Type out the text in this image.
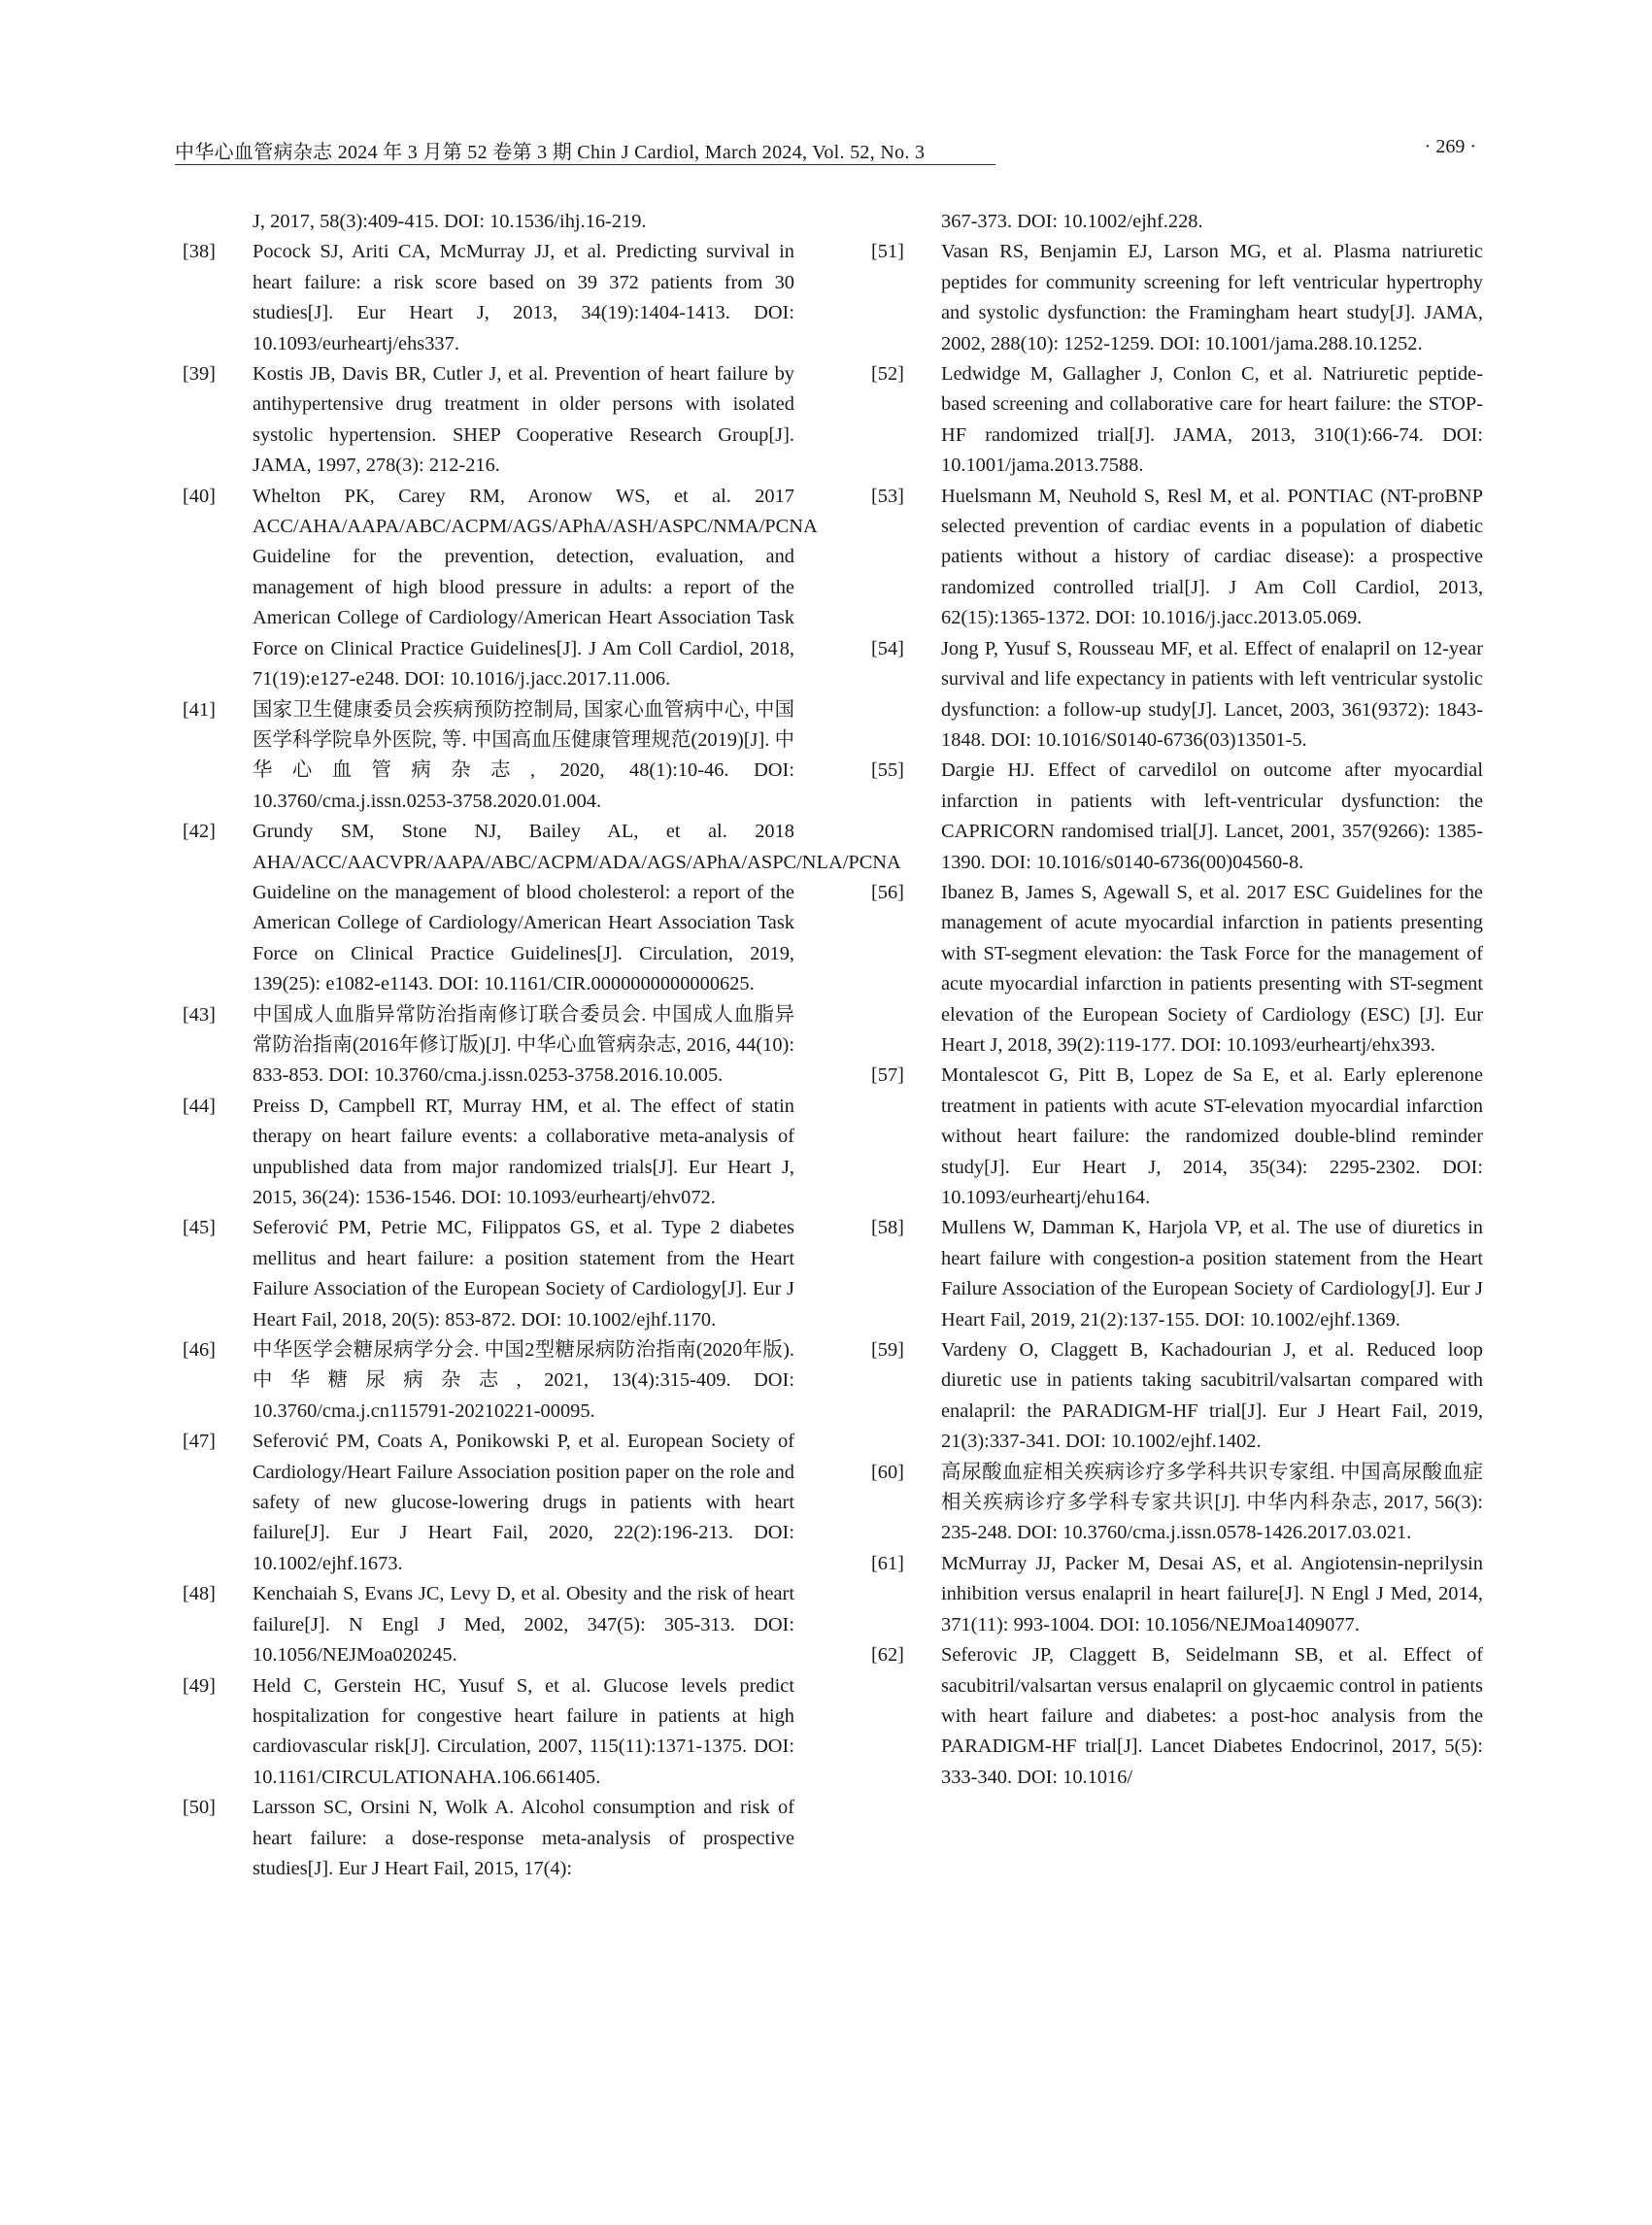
中华心血管病杂志 2024 年 3 月第 52 卷第 3 期 Chin J Cardiol, March 2024, Vol. 52, No. 3	· 269 ·
J, 2017, 58(3):409-415. DOI: 10.1536/ihj.16-219.
[38] Pocock SJ, Ariti CA, McMurray JJ, et al. Predicting survival in heart failure: a risk score based on 39 372 patients from 30 studies[J]. Eur Heart J, 2013, 34(19):1404-1413. DOI: 10.1093/eurheartj/ehs337.
[39] Kostis JB, Davis BR, Cutler J, et al. Prevention of heart failure by antihypertensive drug treatment in older persons with isolated systolic hypertension. SHEP Cooperative Research Group[J]. JAMA, 1997, 278(3): 212-216.
[40] Whelton PK, Carey RM, Aronow WS, et al. 2017 ACC/AHA/AAPA/ABC/ACPM/AGS/APhA/ASH/ASPC/NMA/PCNA Guideline for the prevention, detection, evaluation, and management of high blood pressure in adults: a report of the American College of Cardiology/American Heart Association Task Force on Clinical Practice Guidelines[J]. J Am Coll Cardiol, 2018, 71(19):e127-e248. DOI: 10.1016/j.jacc.2017.11.006.
[41] 国家卫生健康委员会疾病预防控制局, 国家心血管病中心, 中国医学科学院阜外医院, 等. 中国高血压健康管理规范(2019)[J]. 中华心血管病杂志, 2020, 48(1):10-46. DOI: 10.3760/cma.j.issn.0253-3758.2020.01.004.
[42] Grundy SM, Stone NJ, Bailey AL, et al. 2018 AHA/ACC/AACVPR/AAPA/ABC/ACPM/ADA/AGS/APhA/ASPC/NLA/PCNA Guideline on the management of blood cholesterol: a report of the American College of Cardiology/American Heart Association Task Force on Clinical Practice Guidelines[J]. Circulation, 2019, 139(25): e1082-e1143. DOI: 10.1161/CIR.0000000000000625.
[43] 中国成人血脂异常防治指南修订联合委员会. 中国成人血脂异常防治指南(2016年修订版)[J]. 中华心血管病杂志, 2016, 44(10): 833-853. DOI: 10.3760/cma.j.issn.0253-3758.2016.10.005.
[44] Preiss D, Campbell RT, Murray HM, et al. The effect of statin therapy on heart failure events: a collaborative meta-analysis of unpublished data from major randomized trials[J]. Eur Heart J, 2015, 36(24): 1536-1546. DOI: 10.1093/eurheartj/ehv072.
[45] Seferović PM, Petrie MC, Filippatos GS, et al. Type 2 diabetes mellitus and heart failure: a position statement from the Heart Failure Association of the European Society of Cardiology[J]. Eur J Heart Fail, 2018, 20(5): 853-872. DOI: 10.1002/ejhf.1170.
[46] 中华医学会糖尿病学分会. 中国2型糖尿病防治指南(2020年版). 中华糖尿病杂志, 2021, 13(4):315-409. DOI: 10.3760/cma.j.cn115791-20210221-00095.
[47] Seferović PM, Coats A, Ponikowski P, et al. European Society of Cardiology/Heart Failure Association position paper on the role and safety of new glucose-lowering drugs in patients with heart failure[J]. Eur J Heart Fail, 2020, 22(2):196-213. DOI: 10.1002/ejhf.1673.
[48] Kenchaiah S, Evans JC, Levy D, et al. Obesity and the risk of heart failure[J]. N Engl J Med, 2002, 347(5): 305-313. DOI: 10.1056/NEJMoa020245.
[49] Held C, Gerstein HC, Yusuf S, et al. Glucose levels predict hospitalization for congestive heart failure in patients at high cardiovascular risk[J]. Circulation, 2007, 115(11):1371-1375. DOI: 10.1161/CIRCULATIONAHA.106.661405.
[50] Larsson SC, Orsini N, Wolk A. Alcohol consumption and risk of heart failure: a dose-response meta-analysis of prospective studies[J]. Eur J Heart Fail, 2015, 17(4):
367-373. DOI: 10.1002/ejhf.228.
[51] Vasan RS, Benjamin EJ, Larson MG, et al. Plasma natriuretic peptides for community screening for left ventricular hypertrophy and systolic dysfunction: the Framingham heart study[J]. JAMA, 2002, 288(10): 1252-1259. DOI: 10.1001/jama.288.10.1252.
[52] Ledwidge M, Gallagher J, Conlon C, et al. Natriuretic peptide-based screening and collaborative care for heart failure: the STOP-HF randomized trial[J]. JAMA, 2013, 310(1):66-74. DOI: 10.1001/jama.2013.7588.
[53] Huelsmann M, Neuhold S, Resl M, et al. PONTIAC (NT-proBNP selected prevention of cardiac events in a population of diabetic patients without a history of cardiac disease): a prospective randomized controlled trial[J]. J Am Coll Cardiol, 2013, 62(15):1365-1372. DOI: 10.1016/j.jacc.2013.05.069.
[54] Jong P, Yusuf S, Rousseau MF, et al. Effect of enalapril on 12-year survival and life expectancy in patients with left ventricular systolic dysfunction: a follow-up study[J]. Lancet, 2003, 361(9372): 1843-1848. DOI: 10.1016/S0140-6736(03)13501-5.
[55] Dargie HJ. Effect of carvedilol on outcome after myocardial infarction in patients with left-ventricular dysfunction: the CAPRICORN randomised trial[J]. Lancet, 2001, 357(9266): 1385-1390. DOI: 10.1016/s0140-6736(00)04560-8.
[56] Ibanez B, James S, Agewall S, et al. 2017 ESC Guidelines for the management of acute myocardial infarction in patients presenting with ST-segment elevation: the Task Force for the management of acute myocardial infarction in patients presenting with ST-segment elevation of the European Society of Cardiology (ESC) [J]. Eur Heart J, 2018, 39(2):119-177. DOI: 10.1093/eurheartj/ehx393.
[57] Montalescot G, Pitt B, Lopez de Sa E, et al. Early eplerenone treatment in patients with acute ST-elevation myocardial infarction without heart failure: the randomized double-blind reminder study[J]. Eur Heart J, 2014, 35(34): 2295-2302. DOI: 10.1093/eurheartj/ehu164.
[58] Mullens W, Damman K, Harjola VP, et al. The use of diuretics in heart failure with congestion-a position statement from the Heart Failure Association of the European Society of Cardiology[J]. Eur J Heart Fail, 2019, 21(2):137-155. DOI: 10.1002/ejhf.1369.
[59] Vardeny O, Claggett B, Kachadourian J, et al. Reduced loop diuretic use in patients taking sacubitril/valsartan compared with enalapril: the PARADIGM-HF trial[J]. Eur J Heart Fail, 2019, 21(3):337-341. DOI: 10.1002/ejhf.1402.
[60] 高尿酸血症相关疾病诊疗多学科共识专家组. 中国高尿酸血症相关疾病诊疗多学科专家共识[J]. 中华内科杂志, 2017, 56(3): 235-248. DOI: 10.3760/cma.j.issn.0578-1426.2017.03.021.
[61] McMurray JJ, Packer M, Desai AS, et al. Angiotensin-neprilysin inhibition versus enalapril in heart failure[J]. N Engl J Med, 2014, 371(11): 993-1004. DOI: 10.1056/NEJMoa1409077.
[62] Seferovic JP, Claggett B, Seidelmann SB, et al. Effect of sacubitril/valsartan versus enalapril on glycaemic control in patients with heart failure and diabetes: a post-hoc analysis from the PARADIGM-HF trial[J]. Lancet Diabetes Endocrinol, 2017, 5(5): 333-340. DOI: 10.1016/
